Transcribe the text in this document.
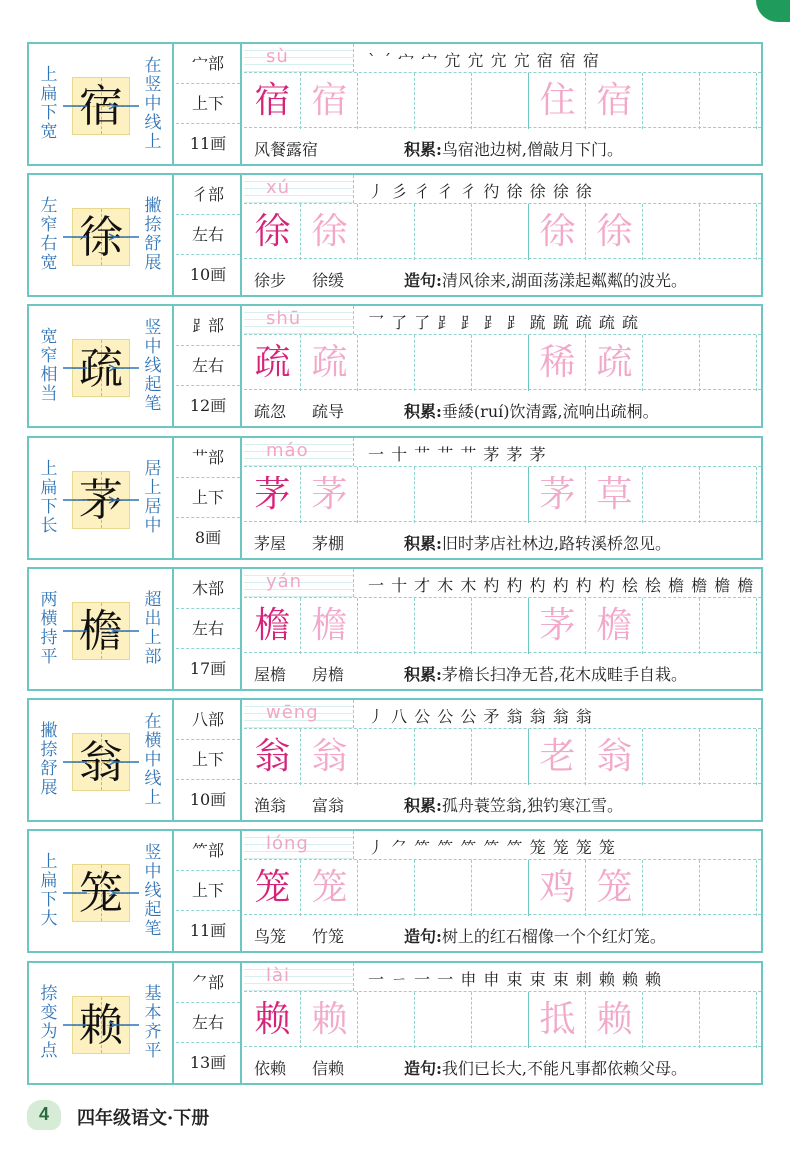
上
扁
下
宽 宿
在
竖
中
线
上
宀部
上下
11画
sù	` ˊ 宀 宀 宂 宂 宂 宂 宿 宿 宿
宿 宿	住 宿
风餐露宿	积累:鸟宿池边树,僧敲月下门。
左
窄
右
宽 徐
撇
捺
舒
展
彳部
左右
10画
xú	丿 彡 彳 彳 彳 彴 徐 徐 徐 徐
徐 徐	徐 徐
徐步 徐缓	造句:清风徐来,湖面荡漾起粼粼的波光。
宽
窄
相
当 疏
竖
中
线
起
笔
⻊部
左右
12画
shū	乛 了 了 ⻊ ⻊ ⻊ ⻊ 䟽 䟽 疏 疏 疏
疏 疏	稀 疏
疏忽 疏导	积累:垂緌(ruí)饮清露,流响出疏桐。
上
扁
下
长 茅
居
上
居
中
艹部
上下
8画
máo	一 十 艹 艹 艹 茅 茅 茅
茅 茅	茅 草
茅屋 茅棚	积累:旧时茅店社林边,路转溪桥忽见。
两
横
持
平 檐
超
出
上
部
木部
左右
17画
yán	一 十 才 木 木 杓 杓 杓 杓 杓 杓 桧 桧 檐 檐 檐 檐
檐 檐	茅 檐
屋檐 房檐	积累:茅檐长扫净无苔,花木成畦手自栽。
撇
捺
舒
展 翁
在
横
中
线
上
八部
上下
10画
wēng	丿 八 公 公 公 矛 翁 翁 翁 翁
翁 翁	老 翁
渔翁 富翁	积累:孤舟蓑笠翁,独钓寒江雪。
上
扁
下
大 笼
竖
中
线
起
笔
⺮部
上下
11画
lóng	丿 ⺈ ⺮ ⺮ ⺮ ⺮ ⺮ 笼 笼 笼 笼
笼 笼	鸡 笼
鸟笼 竹笼	造句:树上的红石榴像一个个红灯笼。
捺
变
为
点 赖
基
本
齐
平
⺈部
左右
13画
lài	一 ㄧ 一 一 申 申 束 束 束 刺 赖 赖 赖
赖 赖	抵 赖
依赖 信赖	造句:我们已长大,不能凡事都依赖父母。
4	四年级语文·下册
